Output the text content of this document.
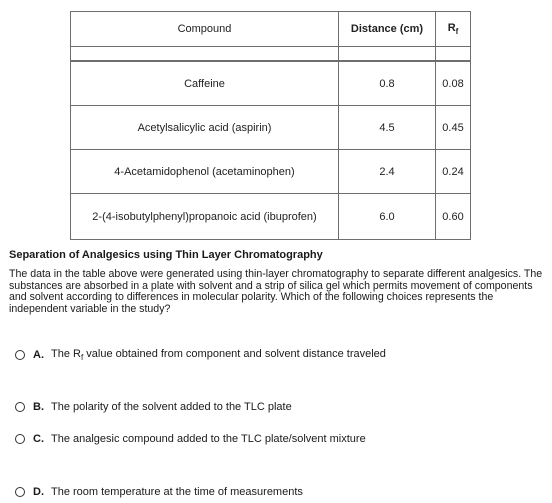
Compound	Distance (cm)	$R_f$

Caffeine	0.8	0.08
Acetylsalicylic acid (aspirin)	4.5	0.45
4-Acetamidophenol (acetaminophen)	2.4	0.24
2-(4-isobutylphenyl)propanoic acid (ibuprofen)	6.0	0.60
Separation of Analgesics using Thin Layer Chromatography
The data in the table above were generated using thin-layer chromatography to separate different analgesics. The substances are absorbed in a plate with solvent and a strip of silica gel which permits movement of components and solvent according to differences in molecular polarity. Which of the following choices represents the independent variable in the study?
A. The $R_f$ value obtained from component and solvent distance traveled
B. The polarity of the solvent added to the TLC plate
C. The analgesic compound added to the TLC plate/solvent mixture
D. The room temperature at the time of measurements
